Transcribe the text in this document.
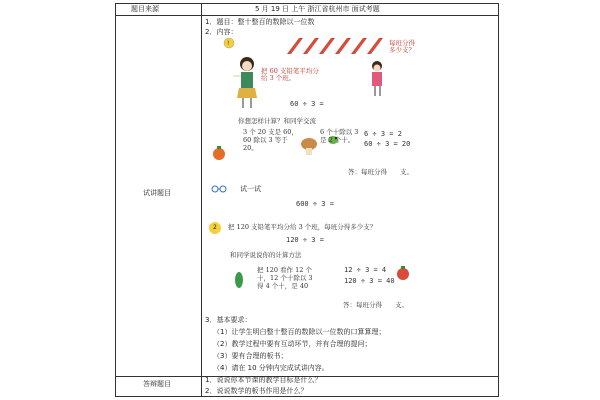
题目来源	5 月 19 日 上午 浙江省杭州市 面试考题
试讲题目
答辩题目
1．题目：整十整百的数除以一位数
2．内容：
!
把 60 支铅笔平均分给 3 个班。
每班分得多少支？
60 ÷ 3 =
你想怎样计算？和同学交流
3 个 20 支是 60，60 除以 3 等于 20。
6 个十除以 3 是 2 个十。
6 ÷ 3 = 2
60 ÷ 3 = 20
答：每班分得　　支。
试一试
600 ÷ 3 =
2 把 120 支铅笔平均分给 3 个班，每班分得多少支？
120 ÷ 3 =
和同学说说你的计算方法
把 120 看作 12 个十，12 个十除以 3 得 4 个十，是 40
12 ÷ 3 = 4
120 ÷ 3 = 40
答：每班分得　　支。
3．基本要求：
（1）让学生明白整十整百的数除以一位数的口算算理；
（2）教学过程中要有互动环节，并有合理的提问；
（3）要有合理的板书；
（4）请在 10 分钟内完成试讲内容。
1．说说你本节课的教学目标是什么？
2．说说数学的板书作用是什么？
